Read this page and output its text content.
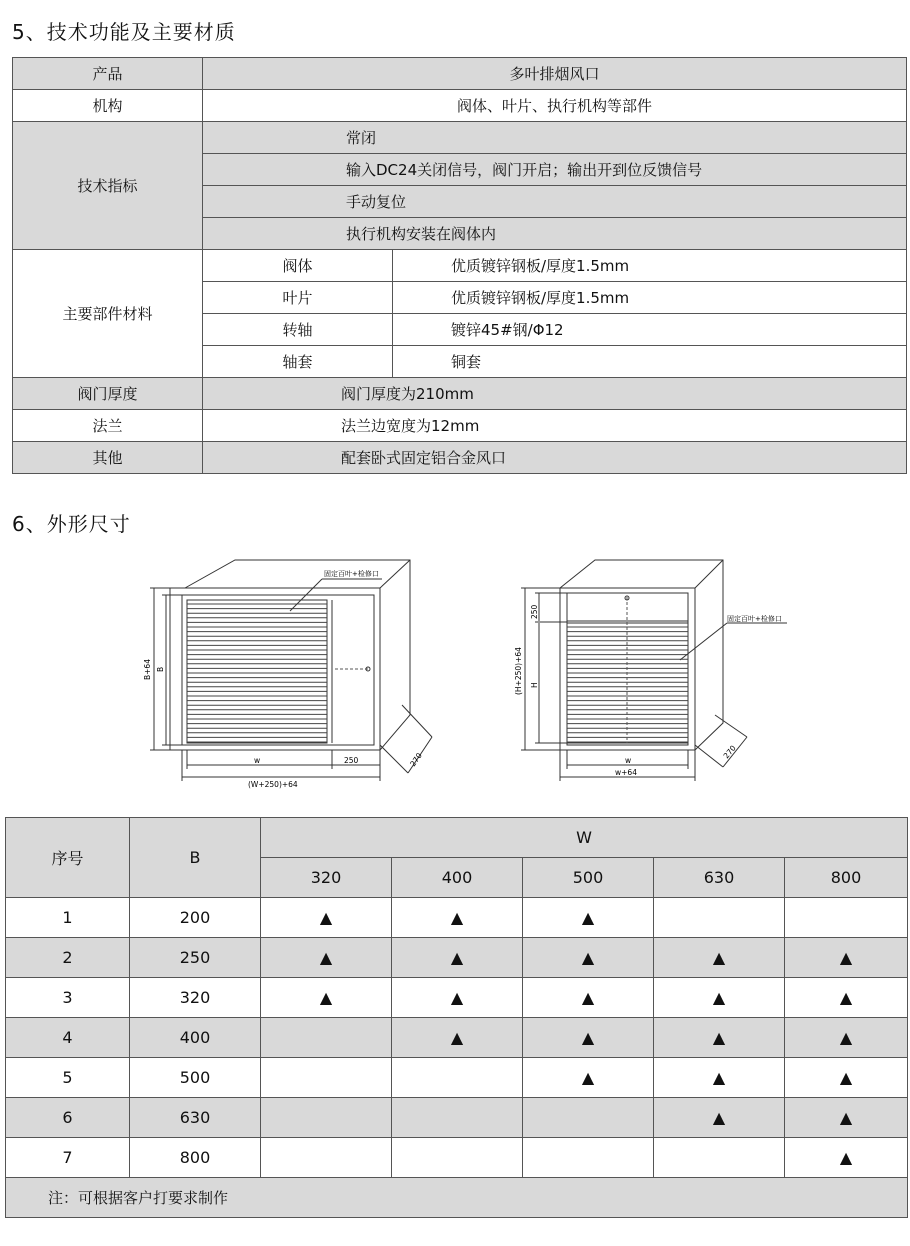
5、技术功能及主要材质
产品	多叶排烟风口	
机构	阀体、叶片、执行机构等部件	
技术指标	常闭	
	输入DC24关闭信号，阀门开启；输出开到位反馈信号	
	手动复位	
	执行机构安装在阀体内	
主要部件材料	阀体	优质镀锌钢板/厚度1.5mm
	叶片	优质镀锌钢板/厚度1.5mm
	转轴	镀锌45#钢/Φ12
	轴套	铜套
阀门厚度	阀门厚度为210mm	
法兰	法兰边宽度为12mm	
其他	配套卧式固定铝合金风口	
6、外形尺寸
固定百叶+检修口
B+64 B
w	250
(W+250)+64
270
固定百叶+检修口
250
(H+250)+64 H
w
w+64
270
序号	B	W				
		320	400	500	630	800
1	200	▲	▲	▲		
2	250	▲	▲	▲	▲	▲
3	320	▲	▲	▲	▲	▲
4	400		▲	▲	▲	▲
5	500			▲	▲	▲
6	630				▲	▲
7	800					▲
注：可根据客户打要求制作						
